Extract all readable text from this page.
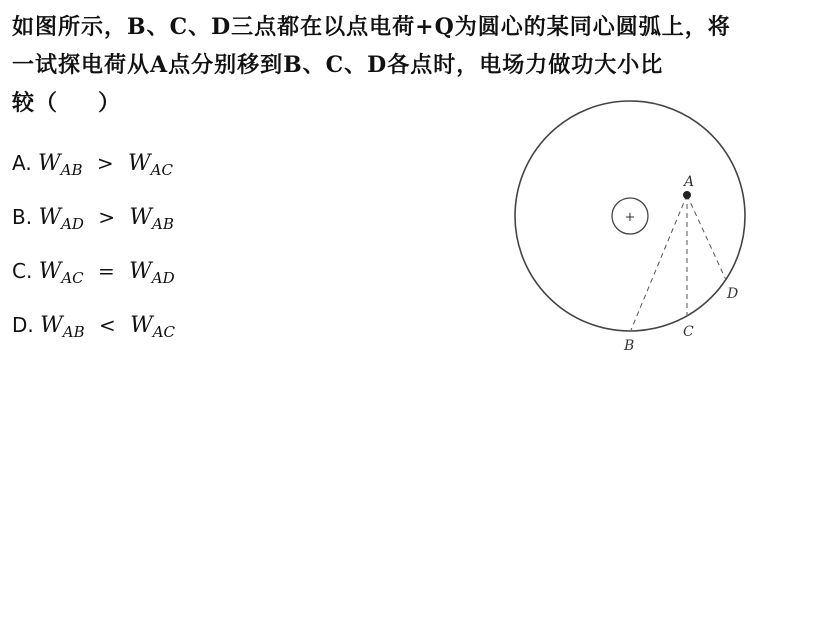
如图所示，B、C、D三点都在以点电荷+Q为圆心的某同心圆弧上，将
一试探电荷从A点分别移到B、C、D各点时，电场力做功大小比
较（ ）
A. $W_{AB} > W_{AC}$
B. $W_{AD} > W_{AB}$
C. $W_{AC} = W_{AD}$
D. $W_{AB} < W_{AC}$
+
A
B
C
D
